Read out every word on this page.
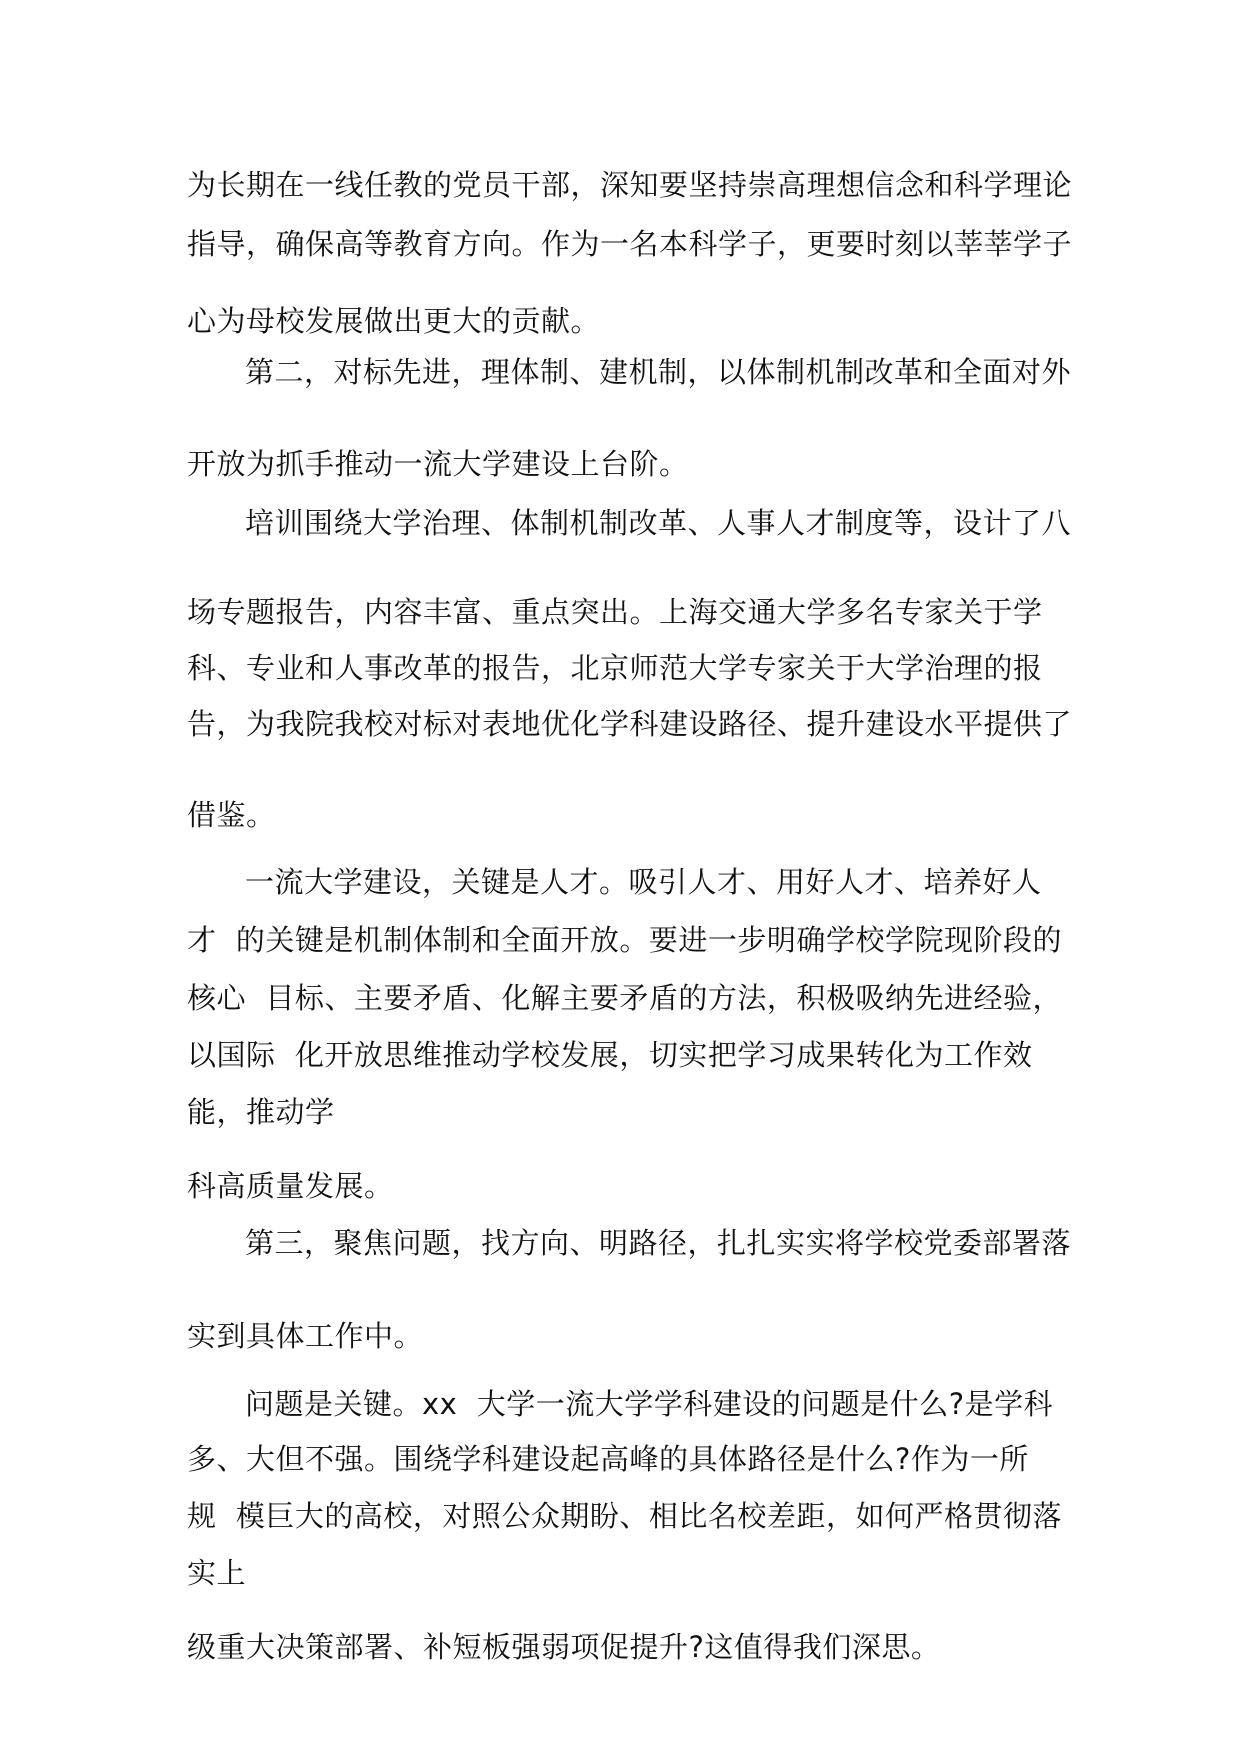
为长期在一线任教的党员干部，深知要坚持崇高理想信念和科学理论
指导，确保高等教育方向。作为一名本科学子，更要时刻以莘莘学子
心为母校发展做出更大的贡献。
第二，对标先进，理体制、建机制，以体制机制改革和全面对外
开放为抓手推动一流大学建设上台阶。
培训围绕大学治理、体制机制改革、人事人才制度等，设计了八
场专题报告，内容丰富、重点突出。上海交通大学多名专家关于学
科、专业和人事改革的报告，北京师范大学专家关于大学治理的报
告，为我院我校对标对表地优化学科建设路径、提升建设水平提供了
借鉴。
一流大学建设，关键是人才。吸引人才、用好人才、培养好人
才  的关键是机制体制和全面开放。要进一步明确学校学院现阶段的
核心  目标、主要矛盾、化解主要矛盾的方法，积极吸纳先进经验，
以国际  化开放思维推动学校发展，切实把学习成果转化为工作效
能，推动学
科高质量发展。
第三，聚焦问题，找方向、明路径，扎扎实实将学校党委部署落
实到具体工作中。
问题是关键。xx  大学一流大学学科建设的问题是什么?是学科
多、大但不强。围绕学科建设起高峰的具体路径是什么?作为一所
规  模巨大的高校，对照公众期盼、相比名校差距，如何严格贯彻落
实上
级重大决策部署、补短板强弱项促提升?这值得我们深思。
